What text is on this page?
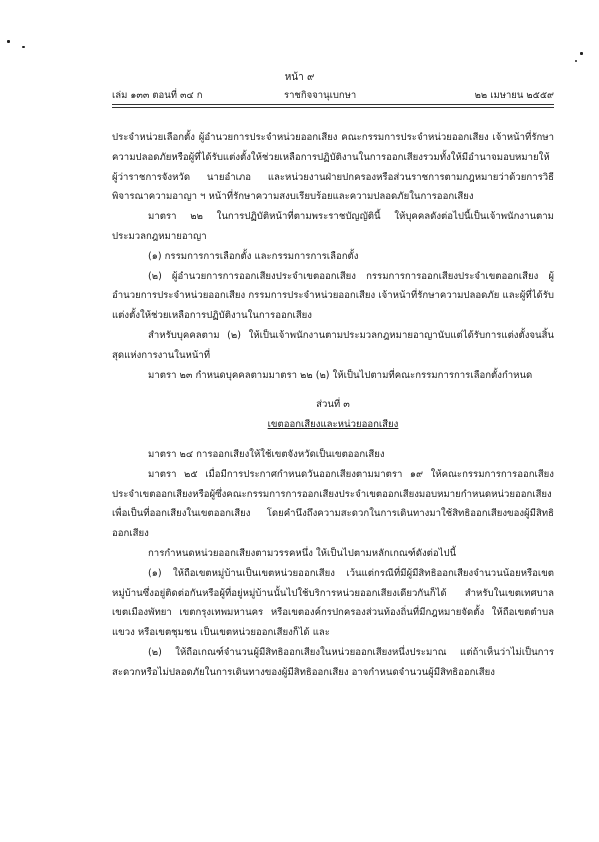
หน้า ๙
เล่ม ๑๓๓ ตอนที่ ๓๔ ก	ราชกิจจานุเบกษา	๒๒ เมษายน ๒๕๕๙

ประจำหน่วยเลือกตั้ง ผู้อำนวยการประจำหน่วยออกเสียง คณะกรรมการประจำหน่วยออกเสียง เจ้าหน้าที่รักษาความปลอดภัยหรือผู้ที่ได้รับแต่งตั้งให้ช่วยเหลือการปฏิบัติงานในการออกเสียงรวมทั้งให้มีอำนาจมอบหมายให้ผู้ว่าราชการจังหวัด นายอำเภอ และหน่วยงานฝ่ายปกครองหรือส่วนราชการตามกฎหมายว่าด้วยการวิธีพิจารณาความอาญา ฯ หน้าที่รักษาความสงบเรียบร้อยและความปลอดภัยในการออกเสียง

มาตรา ๒๒ ในการปฏิบัติหน้าที่ตามพระราชบัญญัตินี้ ให้บุคคลดังต่อไปนี้เป็นเจ้าพนักงานตามประมวลกฎหมายอาญา

(๑) กรรมการการเลือกตั้ง และกรรมการการเลือกตั้ง

(๒) ผู้อำนวยการการออกเสียงประจำเขตออกเสียง กรรมการการออกเสียงประจำเขตออกเสียง ผู้อำนวยการประจำหน่วยออกเสียง กรรมการประจำหน่วยออกเสียง เจ้าหน้าที่รักษาความปลอดภัย และผู้ที่ได้รับแต่งตั้งให้ช่วยเหลือการปฏิบัติงานในการออกเสียง

สำหรับบุคคลตาม (๒) ให้เป็นเจ้าพนักงานตามประมวลกฎหมายอาญานับแต่ได้รับการแต่งตั้งจนสิ้นสุดแห่งการงานในหน้าที่

มาตรา ๒๓ กำหนดบุคคลตามมาตรา ๒๒ (๒) ให้เป็นไปตามที่คณะกรรมการการเลือกตั้งกำหนด

ส่วนที่ ๓

เขตออกเสียงและหน่วยออกเสียง

มาตรา ๒๔ การออกเสียงให้ใช้เขตจังหวัดเป็นเขตออกเสียง

มาตรา ๒๕ เมื่อมีการประกาศกำหนดวันออกเสียงตามมาตรา ๑๙ ให้คณะกรรมการการออกเสียงประจำเขตออกเสียงหรือผู้ซึ่งคณะกรรมการการออกเสียงประจำเขตออกเสียงมอบหมายกำหนดหน่วยออกเสียงเพื่อเป็นที่ออกเสียงในเขตออกเสียง โดยคำนึงถึงความสะดวกในการเดินทางมาใช้สิทธิออกเสียงของผู้มีสิทธิออกเสียง

การกำหนดหน่วยออกเสียงตามวรรคหนึ่ง ให้เป็นไปตามหลักเกณฑ์ดังต่อไปนี้

(๑) ให้ถือเขตหมู่บ้านเป็นเขตหน่วยออกเสียง เว้นแต่กรณีที่มีผู้มีสิทธิออกเสียงจำนวนน้อยหรือเขตหมู่บ้านซึ่งอยู่ติดต่อกันหรือผู้ที่อยู่หมู่บ้านนั้นไปใช้บริการหน่วยออกเสียงเดียวกันก็ได้ สำหรับในเขตเทศบาล เขตเมืองพัทยา เขตกรุงเทพมหานคร หรือเขตองค์กรปกครองส่วนท้องถิ่นที่มีกฎหมายจัดตั้ง ให้ถือเขตตำบล แขวง หรือเขตชุมชน เป็นเขตหน่วยออกเสียงก็ได้ และ

(๒) ให้ถือเกณฑ์จำนวนผู้มีสิทธิออกเสียงในหน่วยออกเสียงหนึ่งประมาณ แต่ถ้าเห็นว่าไม่เป็นการสะดวกหรือไม่ปลอดภัยในการเดินทางของผู้มีสิทธิออกเสียง อาจกำหนดจำนวนผู้มีสิทธิออกเสียง
